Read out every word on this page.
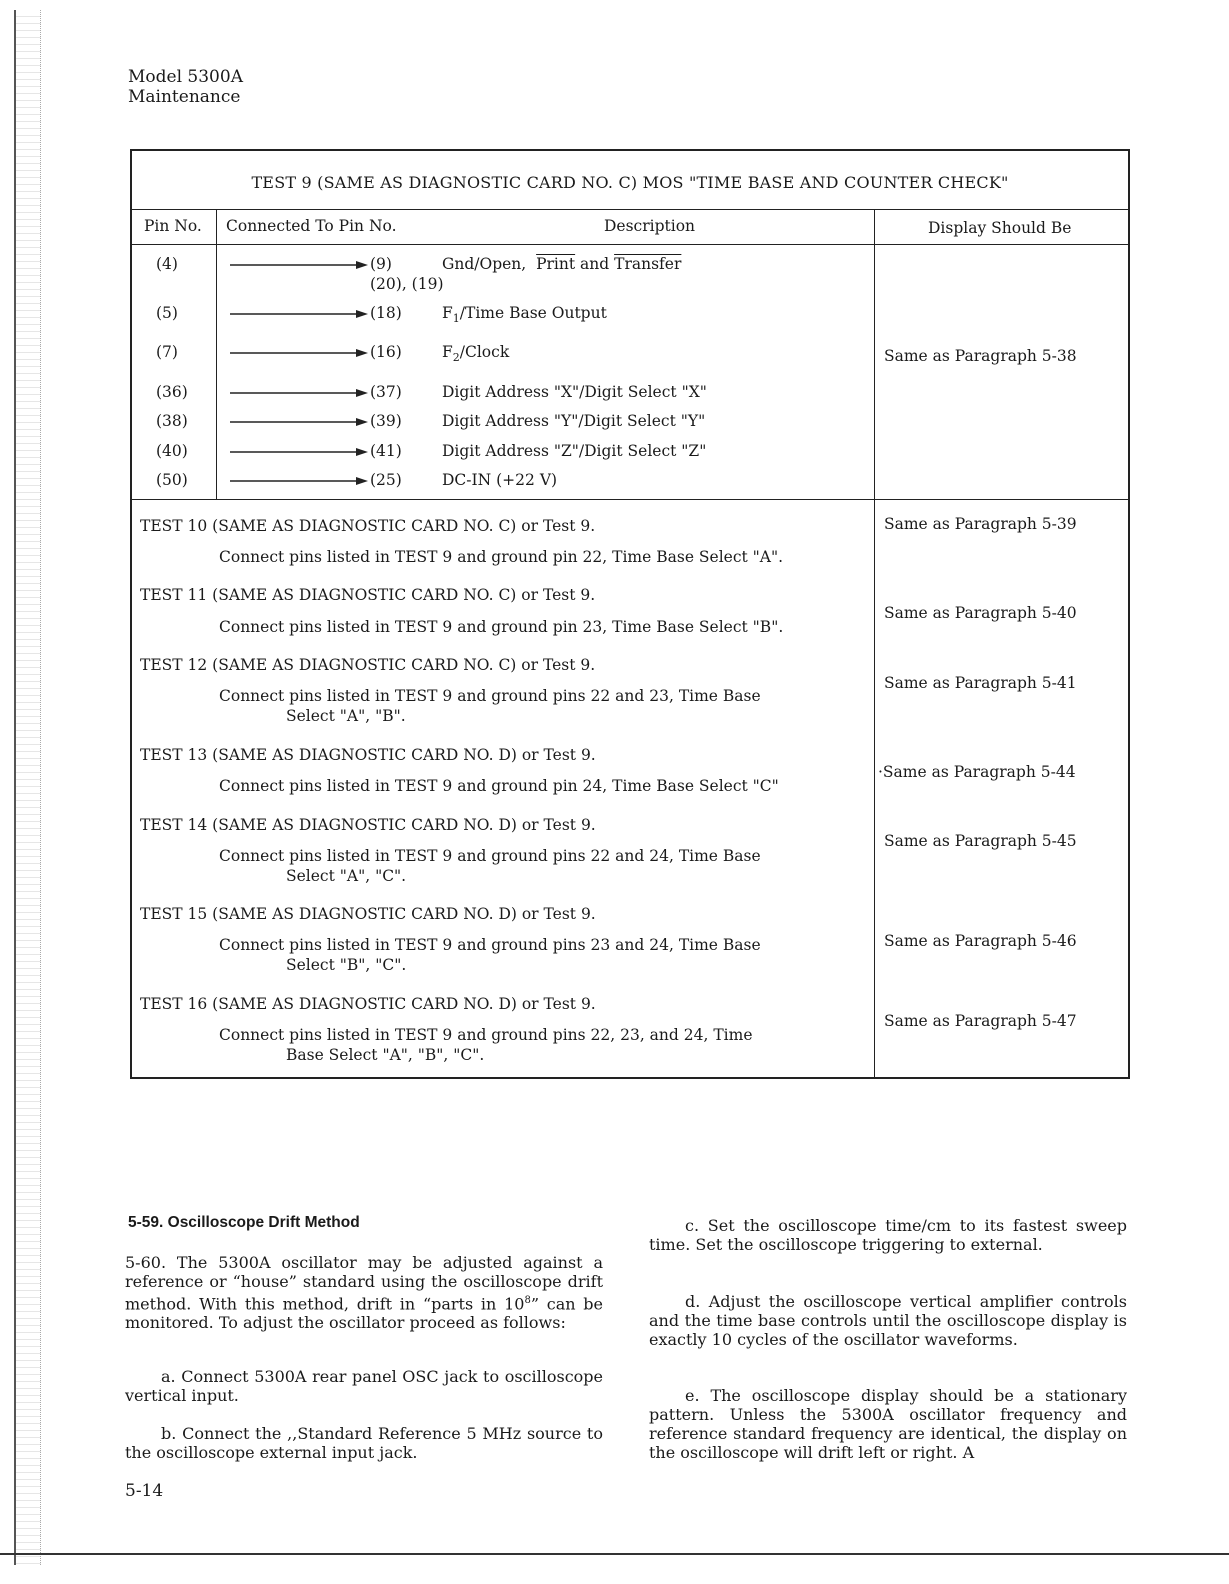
Model 5300A
Maintenance
TEST 9 (SAME AS DIAGNOSTIC CARD NO. C) MOS "TIME BASE AND COUNTER CHECK"
Pin No. Connected To Pin No.	Description	Display Should Be
(4)	(9)	Gnd/Open, Print and Transfer
(20), (19)
(5)	(18)	$F_1$/Time Base Output
(7)	(16)	$F_2$/Clock
(36)	(37)	Digit Address "X"/Digit Select "X"
(38)	(39)	Digit Address "Y"/Digit Select "Y"
(40)	(41)	Digit Address "Z"/Digit Select "Z"
(50)	(25)	DC-IN (+22 V)
Same as Paragraph 5-38
TEST 10 (SAME AS DIAGNOSTIC CARD NO. C) or Test 9.
Connect pins listed in TEST 9 and ground pin 22, Time Base Select "A".
Same as Paragraph 5-39
TEST 11 (SAME AS DIAGNOSTIC CARD NO. C) or Test 9.
Connect pins listed in TEST 9 and ground pin 23, Time Base Select "B".
Same as Paragraph 5-40
TEST 12 (SAME AS DIAGNOSTIC CARD NO. C) or Test 9.
Connect pins listed in TEST 9 and ground pins 22 and 23, Time Base
Select "A", "B".
Same as Paragraph 5-41
TEST 13 (SAME AS DIAGNOSTIC CARD NO. D) or Test 9.
Connect pins listed in TEST 9 and ground pin 24, Time Base Select "C"
·Same as Paragraph 5-44
TEST 14 (SAME AS DIAGNOSTIC CARD NO. D) or Test 9.
Connect pins listed in TEST 9 and ground pins 22 and 24, Time Base
Select "A", "C".
Same as Paragraph 5-45
TEST 15 (SAME AS DIAGNOSTIC CARD NO. D) or Test 9.
Connect pins listed in TEST 9 and ground pins 23 and 24, Time Base
Select "B", "C".
Same as Paragraph 5-46
TEST 16 (SAME AS DIAGNOSTIC CARD NO. D) or Test 9.
Connect pins listed in TEST 9 and ground pins 22, 23, and 24, Time
Base Select "A", "B", "C".
Same as Paragraph 5-47
5-59. Oscilloscope Drift Method
5-60. The 5300A oscillator may be adjusted against a reference or “house” standard using the oscilloscope drift method. With this method, drift in “parts in $10^8$” can be monitored. To adjust the oscillator proceed as follows:
a. Connect 5300A rear panel OSC jack to oscilloscope vertical input.
b. Connect the ,,Standard Reference 5 MHz source to the oscilloscope external input jack.
c. Set the oscilloscope time/cm to its fastest sweep time. Set the oscilloscope triggering to external.
d. Adjust the oscilloscope vertical amplifier controls and the time base controls until the oscilloscope display is exactly 10 cycles of the oscillator waveforms.
e. The oscilloscope display should be a stationary pattern. Unless the 5300A oscillator frequency and reference standard frequency are identical, the display on the oscilloscope will drift left or right. A
5-14
